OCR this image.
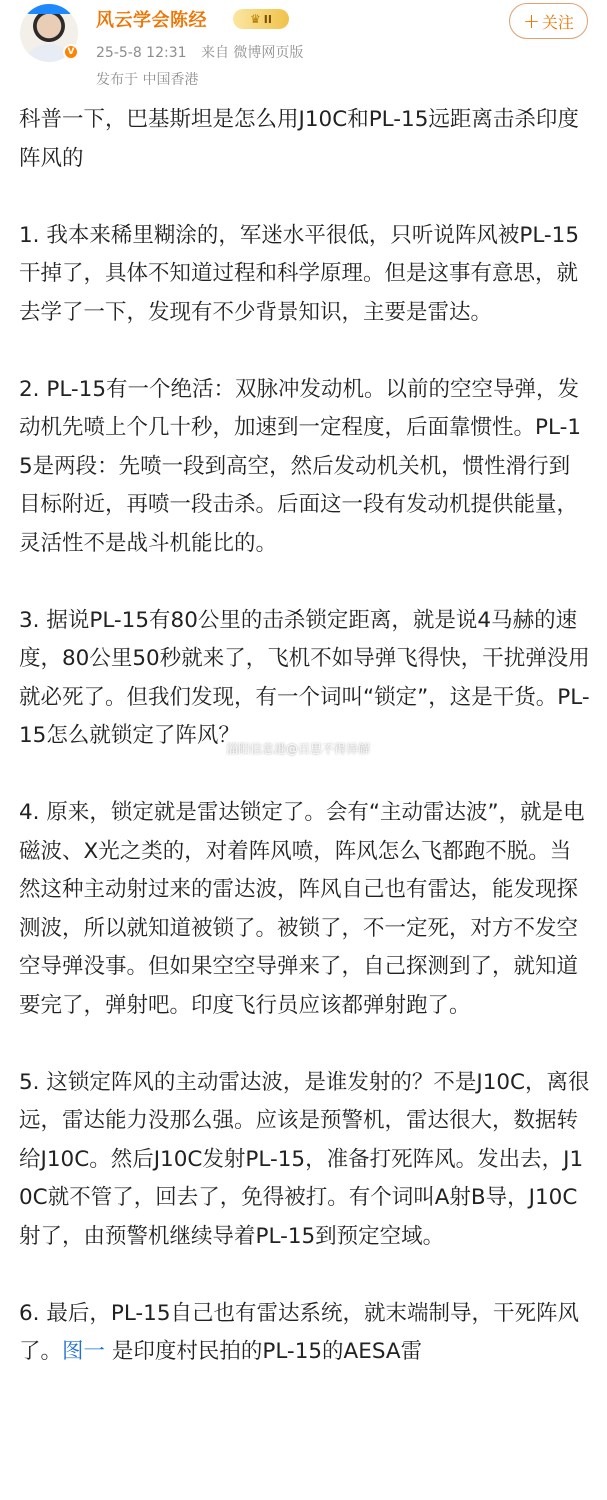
V
风云学会陈经	♛ II
25-5-8 12:31 来自 微博网页版
发布于 中国香港
+ 关注

科普一下，巴基斯坦是怎么用J10C和PL-15远距离击杀印度阵风的

1. 我本来稀里糊涂的，军迷水平很低，只听说阵风被PL-15干掉了，具体不知道过程和科学原理。但是这事有意思，就去学了一下，发现有不少背景知识，主要是雷达。

2. PL-15有一个绝活：双脉冲发动机。以前的空空导弹，发动机先喷上个几十秒，加速到一定程度，后面靠惯性。PL-15是两段：先喷一段到高空，然后发动机关机，惯性滑行到目标附近，再喷一段击杀。后面这一段有发动机提供能量，灵活性不是战斗机能比的。

3. 据说PL-15有80公里的击杀锁定距离，就是说4马赫的速度，80公里50秒就来了，飞机不如导弹飞得快，干扰弹没用就必死了。但我们发现，有一个词叫“锁定”，这是干货。PL-15怎么就锁定了阵风？

4. 原来，锁定就是雷达锁定了。会有“主动雷达波”，就是电磁波、X光之类的，对着阵风喷，阵风怎么飞都跑不脱。当然这种主动射过来的雷达波，阵风自己也有雷达，能发现探测波，所以就知道被锁了。被锁了，不一定死，对方不发空空导弹没事。但如果空空导弹来了，自己探测到了，就知道要完了，弹射吧。印度飞行员应该都弹射跑了。

5. 这锁定阵风的主动雷达波，是谁发射的？不是J10C，离很远，雷达能力没那么强。应该是预警机，雷达很大，数据转给J10C。然后J10C发射PL-15，准备打死阵风。发出去，J10C就不管了，回去了，免得被打。有个词叫A射B导，J10C射了，由预警机继续导着PL-15到预定空域。

6. 最后，PL-15自己也有雷达系统，就末端制导，干死阵风了。图一 是印度村民拍的PL-15的AESA雷

淄阳信息港@百思不得异解
